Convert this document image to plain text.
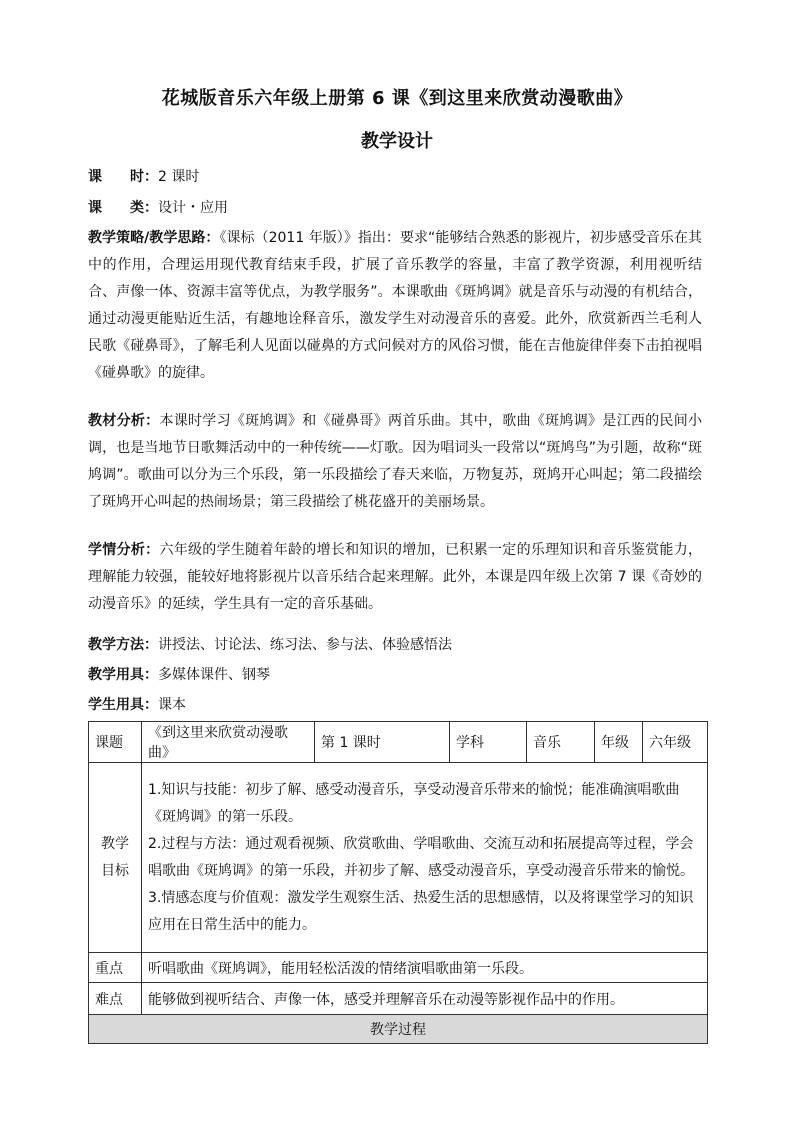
花城版音乐六年级上册第 6 课《到这里来欣赏动漫歌曲》
教学设计
课　　时：2 课时
课　　类：设计・应用
教学策略/教学思路：《课标（2011 年版）》指出：要求“能够结合熟悉的影视片，初步感受音乐在其中的作用，合理运用现代教育结束手段，扩展了音乐教学的容量，丰富了教学资源，利用视听结合、声像一体、资源丰富等优点，为教学服务”。本课歌曲《斑鸠调》就是音乐与动漫的有机结合，通过动漫更能贴近生活，有趣地诠释音乐，激发学生对动漫音乐的喜爱。此外，欣赏新西兰毛利人民歌《碰鼻哥》，了解毛利人见面以碰鼻的方式问候对方的风俗习惯，能在吉他旋律伴奏下击拍视唱《碰鼻歌》的旋律。
教材分析：本课时学习《斑鸠调》和《碰鼻哥》两首乐曲。其中，歌曲《斑鸠调》是江西的民间小调，也是当地节日歌舞活动中的一种传统——灯歌。因为唱词头一段常以“斑鸠鸟”为引题，故称“斑鸠调”。歌曲可以分为三个乐段，第一乐段描绘了春天来临，万物复苏，斑鸠开心叫起；第二段描绘了斑鸠开心叫起的热闹场景；第三段描绘了桃花盛开的美丽场景。
学情分析：六年级的学生随着年龄的增长和知识的增加，已积累一定的乐理知识和音乐鉴赏能力，理解能力较强，能较好地将影视片以音乐结合起来理解。此外，本课是四年级上次第 7 课《奇妙的动漫音乐》的延续，学生具有一定的音乐基础。
教学方法：讲授法、讨论法、练习法、参与法、体验感悟法
教学用具：多媒体课件、钢琴
学生用具：课本
课题	《到这里来欣赏动漫歌曲》	第 1 课时	学科	音乐	年级	六年级
教学目标	1.知识与技能：初步了解、感受动漫音乐，享受动漫音乐带来的愉悦；能准确演唱歌曲《斑鸠调》的第一乐段。

2.过程与方法：通过观看视频、欣赏歌曲、学唱歌曲、交流互动和拓展提高等过程，学会唱歌曲《斑鸠调》的第一乐段，并初步了解、感受动漫音乐，享受动漫音乐带来的愉悦。

3.情感态度与价值观：激发学生观察生活、热爱生活的思想感情，以及将课堂学习的知识应用在日常生活中的能力。					

重点	听唱歌曲《斑鸠调》，能用轻松活泼的情绪演唱歌曲第一乐段。					
难点	能够做到视听结合、声像一体，感受并理解音乐在动漫等影视作品中的作用。					
教学过程						
